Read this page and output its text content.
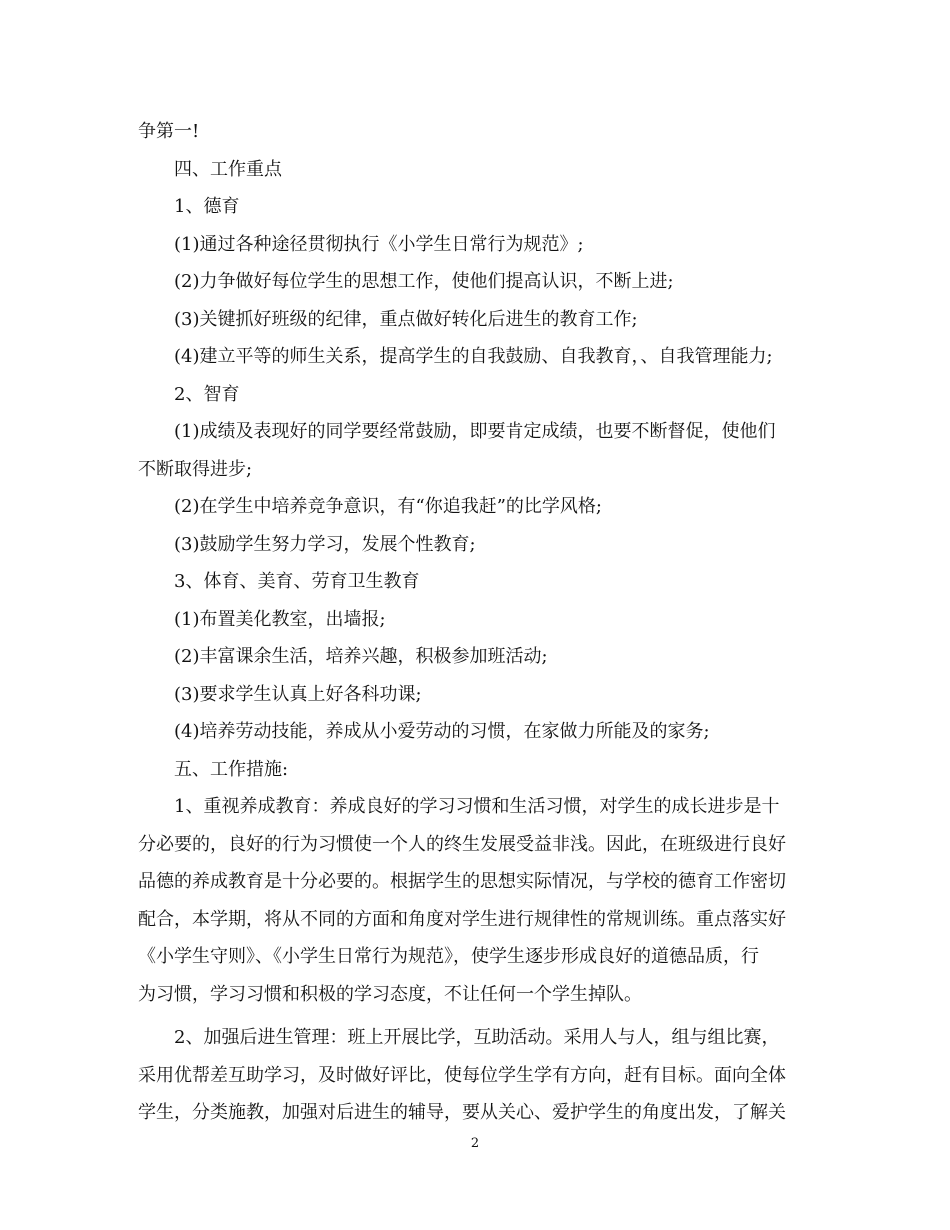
争第一!
四、工作重点
1、德育
(1)通过各种途径贯彻执行《小学生日常行为规范》;
(2)力争做好每位学生的思想工作，使他们提高认识，不断上进;
(3)关键抓好班级的纪律，重点做好转化后进生的教育工作;
(4)建立平等的师生关系，提高学生的自我鼓励、自我教育，、自我管理能力;
2、智育
(1)成绩及表现好的同学要经常鼓励，即要肯定成绩，也要不断督促，使他们
不断取得进步;
(2)在学生中培养竞争意识，有“你追我赶”的比学风格;
(3)鼓励学生努力学习，发展个性教育;
3、体育、美育、劳育卫生教育
(1)布置美化教室，出墙报;
(2)丰富课余生活，培养兴趣，积极参加班活动;
(3)要求学生认真上好各科功课;
(4)培养劳动技能，养成从小爱劳动的习惯，在家做力所能及的家务;
五、工作措施:
1、重视养成教育：养成良好的学习习惯和生活习惯，对学生的成长进步是十
分必要的，良好的行为习惯使一个人的终生发展受益非浅。因此，在班级进行良好
品德的养成教育是十分必要的。根据学生的思想实际情况，与学校的德育工作密切
配合，本学期，将从不同的方面和角度对学生进行规律性的常规训练。重点落实好
《小学生守则》、《小学生日常行为规范》，使学生逐步形成良好的道德品质，行
为习惯，学习习惯和积极的学习态度，不让任何一个学生掉队。
2、加强后进生管理：班上开展比学，互助活动。采用人与人，组与组比赛，
采用优帮差互助学习，及时做好评比，使每位学生学有方向，赶有目标。面向全体
学生，分类施教，加强对后进生的辅导，要从关心、爱护学生的角度出发，了解关
2
